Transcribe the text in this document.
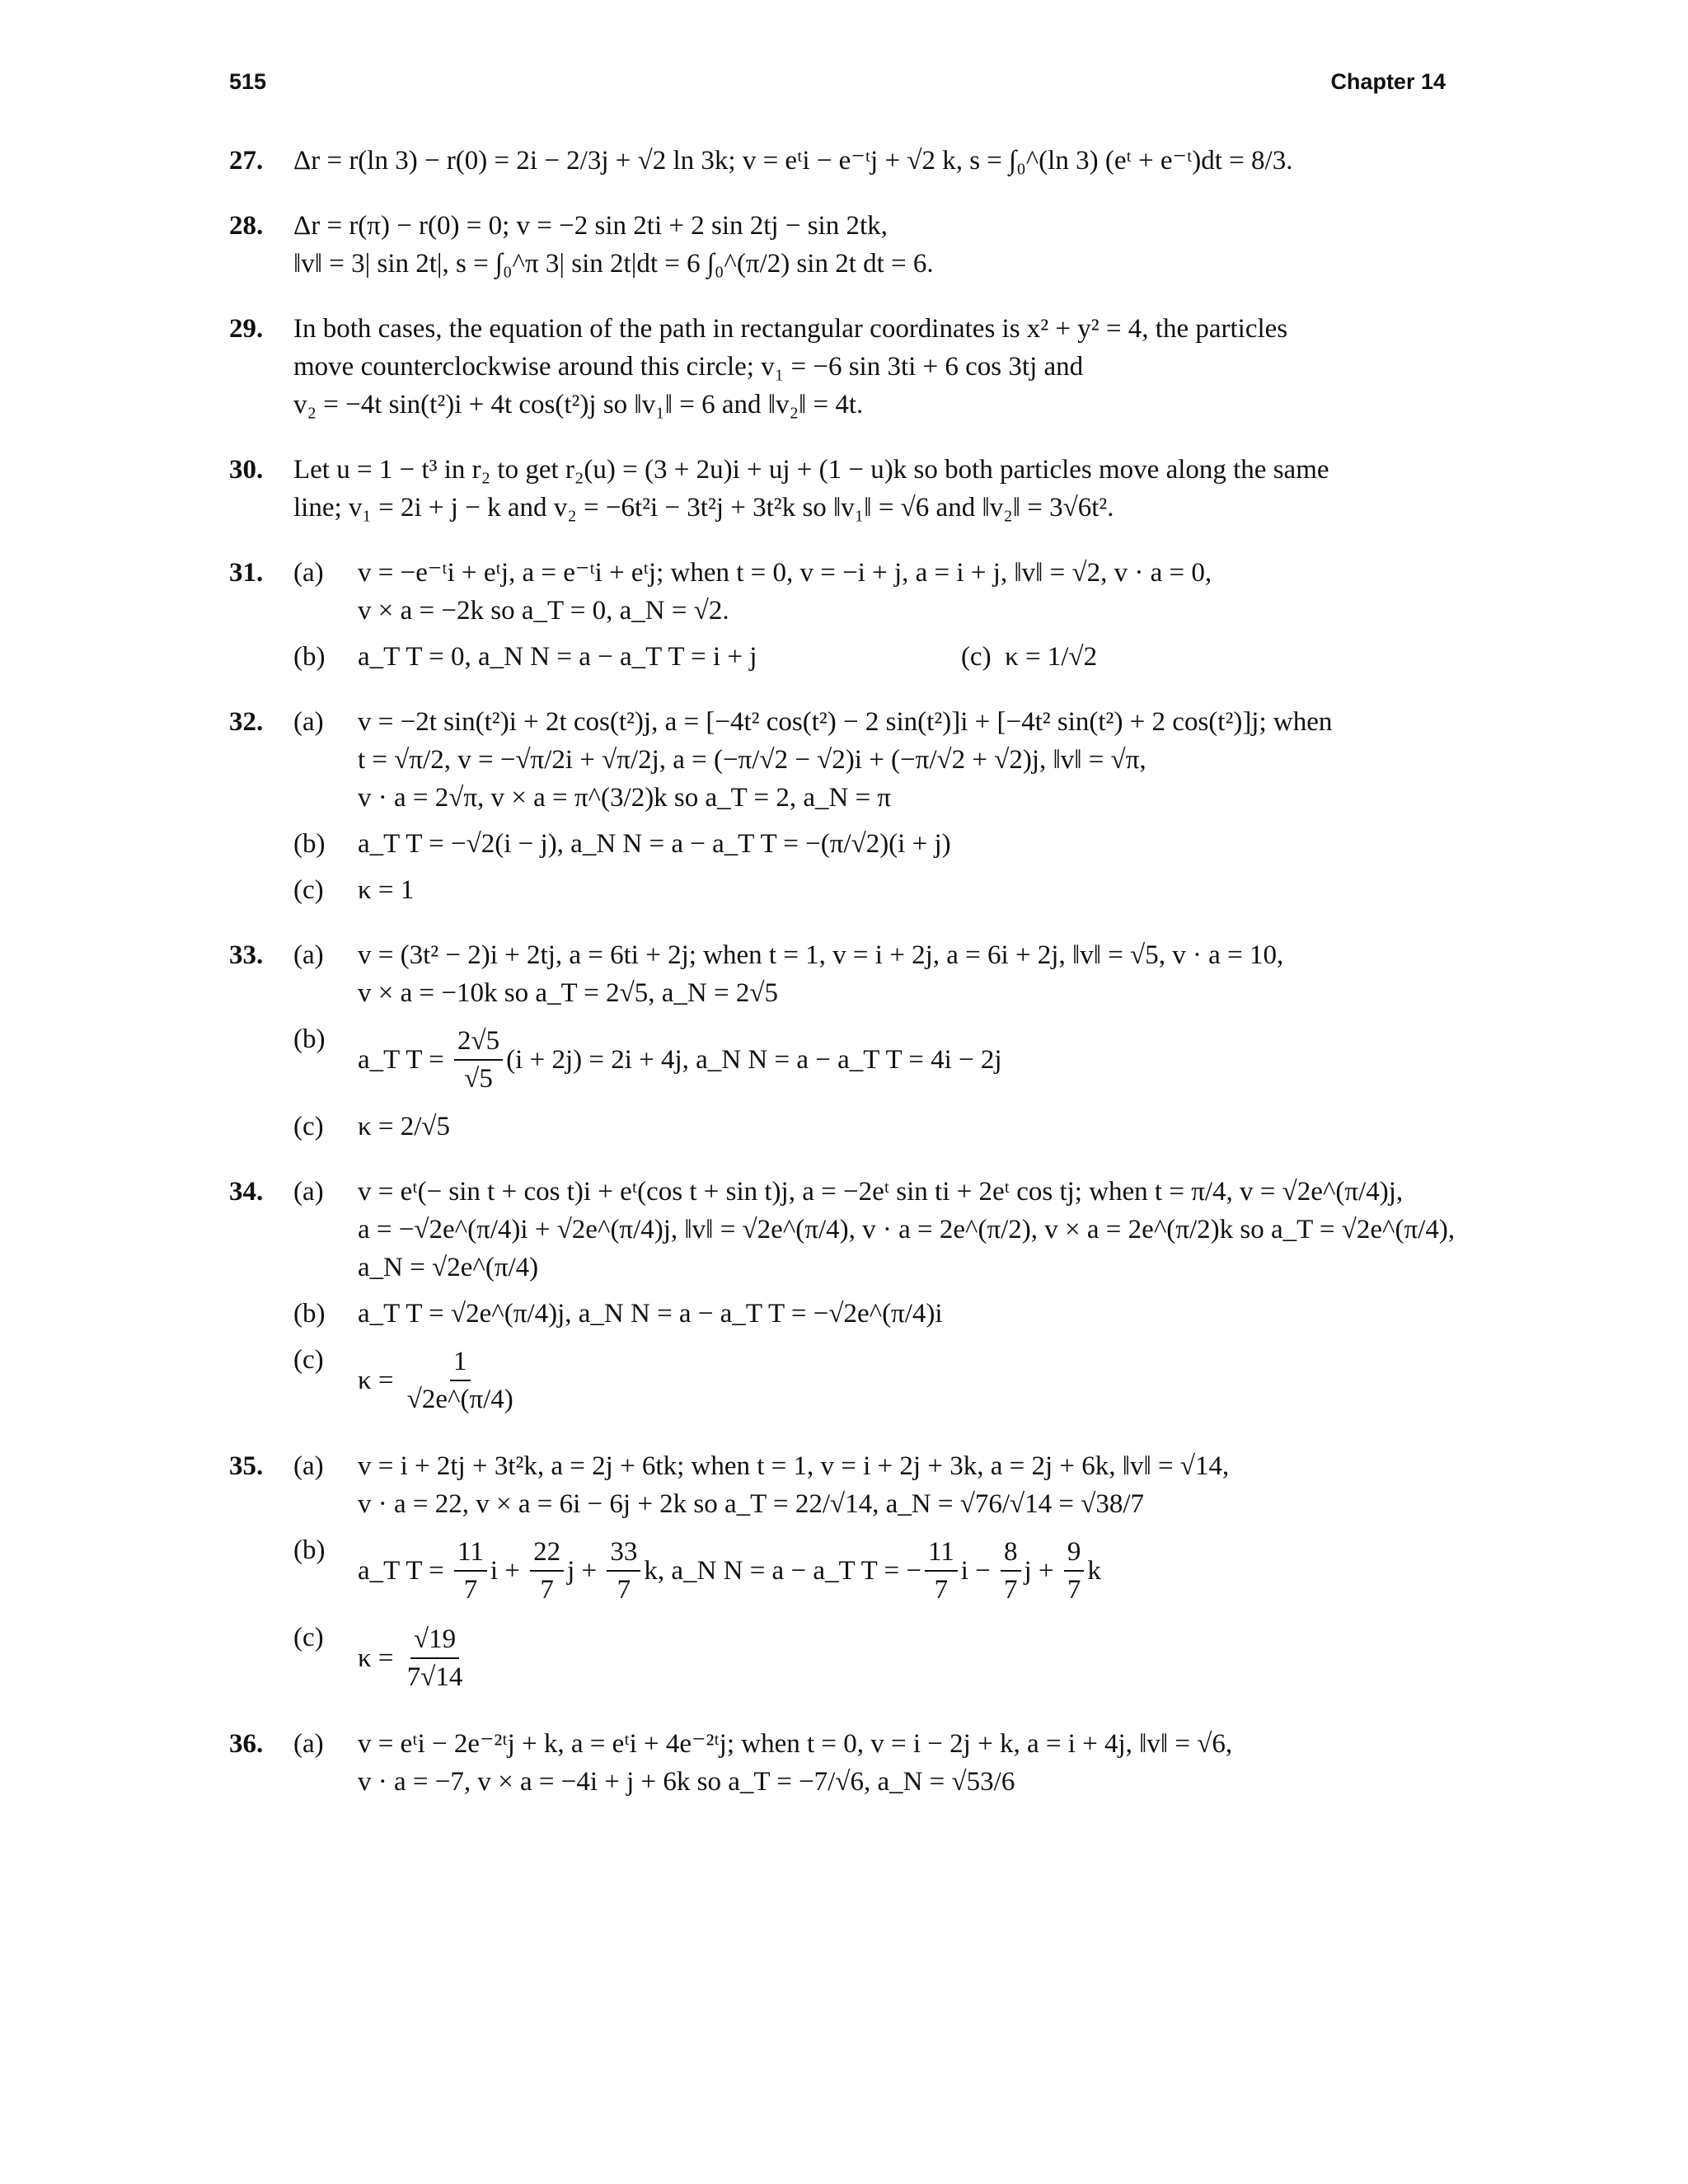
515	Chapter 14
27. Δr = r(ln 3) − r(0) = 2i − 2/3j + √2 ln 3k; v = eᵗi − e⁻ᵗj + √2 k, s = ∫₀^(ln 3) (eᵗ + e⁻ᵗ)dt = 8/3.
28. Δr = r(π) − r(0) = 0; v = −2 sin 2ti + 2 sin 2tj − sin 2tk,
‖v‖ = 3| sin 2t|, s = ∫₀^π 3| sin 2t|dt = 6 ∫₀^(π/2) sin 2t dt = 6.
29. In both cases, the equation of the path in rectangular coordinates is x² + y² = 4, the particles
move counterclockwise around this circle; v₁ = −6 sin 3ti + 6 cos 3tj and
v₂ = −4t sin(t²)i + 4t cos(t²)j so ‖v₁‖ = 6 and ‖v₂‖ = 4t.
30. Let u = 1 − t³ in r₂ to get r₂(u) = (3 + 2u)i + uj + (1 − u)k so both particles move along the same
line; v₁ = 2i + j − k and v₂ = −6t²i − 3t²j + 3t²k so ‖v₁‖ = √6 and ‖v₂‖ = 3√6t².
31. (a) v = −e⁻ᵗi + eᵗj, a = e⁻ᵗi + eᵗj; when t = 0, v = −i + j, a = i + j, ‖v‖ = √2, v · a = 0,
v × a = −2k so a_T = 0, a_N = √2.
(b) a_T T = 0, a_N N = a − a_T T = i + j                              (c)  κ = 1/√2
32. (a) v = −2t sin(t²)i + 2t cos(t²)j, a = [−4t² cos(t²) − 2 sin(t²)]i + [−4t² sin(t²) + 2 cos(t²)]j; when
t = √π/2, v = −√π/2i + √π/2j, a = (−π/√2 − √2)i + (−π/√2 + √2)j, ‖v‖ = √π,
v · a = 2√π, v × a = π^(3/2)k so a_T = 2, a_N = π
(b) a_T T = −√2(i − j), a_N N = a − a_T T = −(π/√2)(i + j)
(c) κ = 1
33. (a) v = (3t² − 2)i + 2tj, a = 6ti + 2j; when t = 1, v = i + 2j, a = 6i + 2j, ‖v‖ = √5, v · a = 10,
v × a = −10k so a_T = 2√5, a_N = 2√5
(b)
a_T $T = \frac{2√5}{√5} (i + 2j) = 2i + 4j$, a_N N = a − a_T T = 4i − 2j
(c) κ = 2/√5
34. (a) v = eᵗ(− sin t + cos t)i + eᵗ(cos t + sin t)j, a = −2eᵗ sin ti + 2eᵗ cos tj; when t = π/4, v = √2e^(π/4)j,
a = −√2e^(π/4)i + √2e^(π/4)j, ‖v‖ = √2e^(π/4), v · a = 2e^(π/2), v × a = 2e^(π/2)k so a_T = √2e^(π/4),
a_N = √2e^(π/4)
(b) a_T T = √2e^(π/4)j, a_N N = a − a_T T = −√2e^(π/4)i
(c)
$\kappa = \frac{1}{√2e\^{}(\pi/4)}$
35. (a) v = i + 2tj + 3t²k, a = 2j + 6tk; when t = 1, v = i + 2j + 3k, a = 2j + 6k, ‖v‖ = √14,
v · a = 22, v × a = 6i − 6j + 2k so a_T = 22/√14, a_N = √76/√14 = √38/7
(b)
a_T $T = \frac{11}{7}$ $i + \frac{22}{7}$ $j + \frac{33}{7} k$, a_N N = a − a_T T = − $\frac{11}{7}$ $i - \frac{8}{7}$ $j + \frac{9}{7}$ k
(c)
$\kappa = \frac{√19}{7√14}$
36. (a) v = eᵗi − 2e⁻²ᵗj + k, a = eᵗi + 4e⁻²ᵗj; when t = 0, v = i − 2j + k, a = i + 4j, ‖v‖ = √6,
v · a = −7, v × a = −4i + j + 6k so a_T = −7/√6, a_N = √53/6
